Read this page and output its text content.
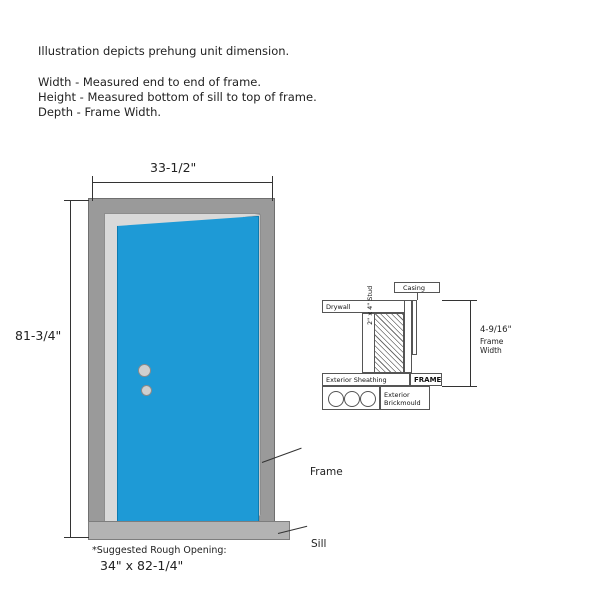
Illustration depicts prehung unit dimension.
Width - Measured end to end of frame.
Height - Measured bottom of sill to top of frame.
Depth - Frame Width.
33-1/2"
81-3/4"
Frame
Sill
*Suggested Rough Opening:
34" x 82-1/4"
Casing
Drywall 2" x 4" Stud
Exterior Sheathing	FRAME
Exterior
Brickmould
4-9/16"
Frame
Width
